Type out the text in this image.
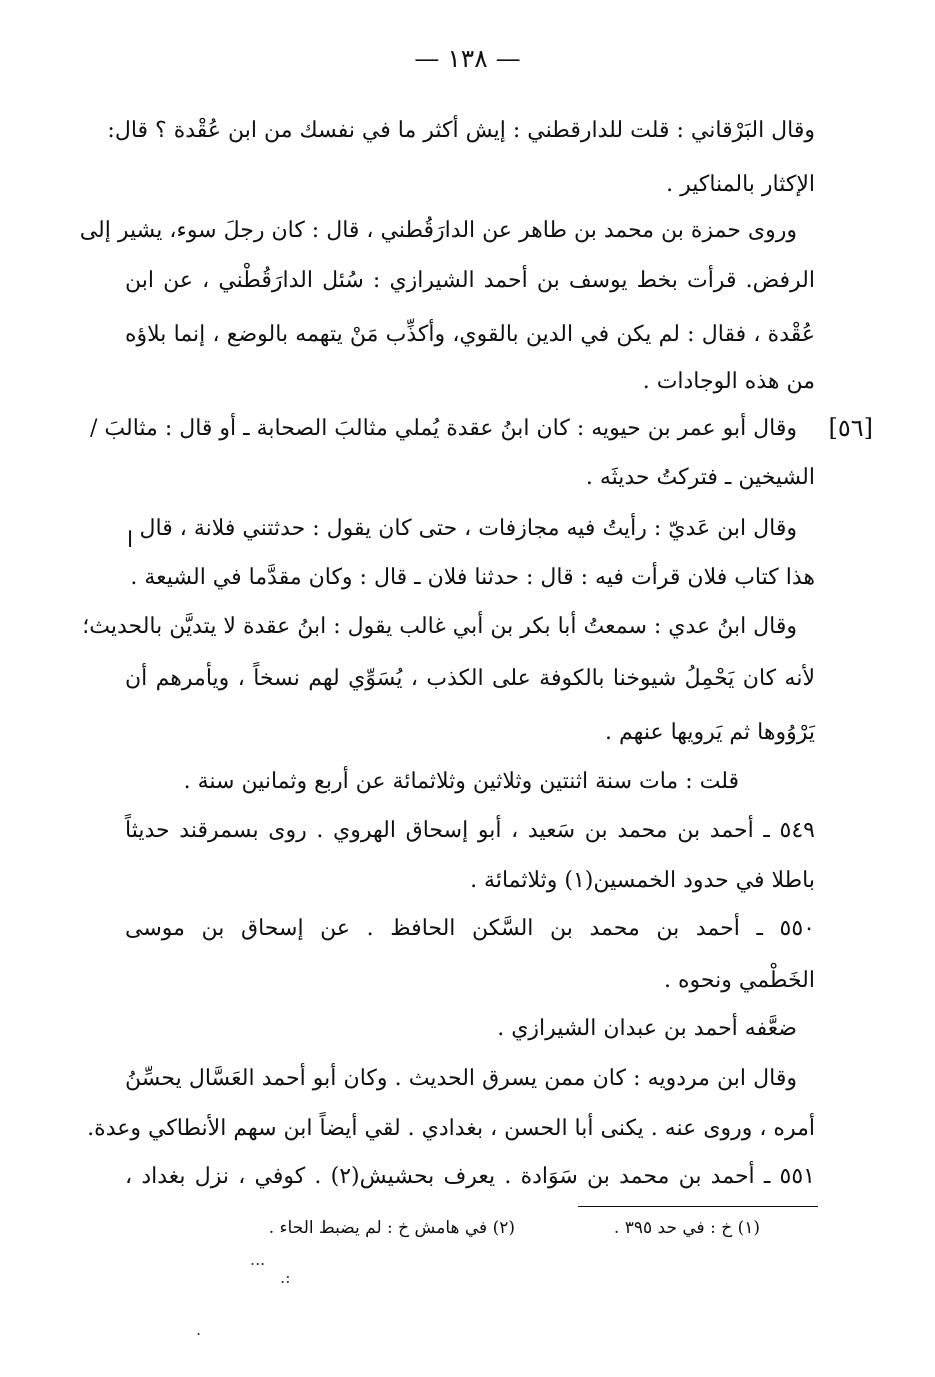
— ١٣٨ —
وقال البَرْقاني : قلت للدارقطني : إيش أكثر ما في نفسك من ابن عُقْدة ؟ قال:
الإكثار بالمناكير .
وروى حمزة بن محمد بن طاهر عن الدارَقُطني ، قال : كان رجلَ سوء، يشير إلى
الرفض. قرأت بخط يوسف بن أحمد الشيرازي : سُئل الدارَقُطْني ، عن ابن
عُقْدة ، فقال : لم يكن في الدين بالقوي، وأكذِّب مَنْ يتهمه بالوضع ، إنما بلاؤه
من هذه الوجادات .
[٥٦]
وقال أبو عمر بن حيويه : كان ابنُ عقدة يُملي مثالبَ الصحابة ـ أو قال : مثالبَ /
الشيخين ـ فتركتُ حديثَه .
ا وقال ابن عَديّ : رأيتُ فيه مجازفات ، حتى كان يقول : حدثتني فلانة ، قال
هذا كتاب فلان قرأت فيه : قال : حدثنا فلان ـ قال : وكان مقدَّما في الشيعة .
وقال ابنُ عدي : سمعتُ أبا بكر بن أبي غالب يقول : ابنُ عقدة لا يتديَّن بالحديث؛
لأنه كان يَحْمِلُ شيوخنا بالكوفة على الكذب ، يُسَوِّي لهم نسخاً ، ويأمرهم أن
يَرْوُوها ثم يَرويها عنهم .
قلت : مات سنة اثنتين وثلاثين وثلاثمائة عن أربع وثمانين سنة .
٥٤٩ ـ أحمد بن محمد بن سَعيد ، أبو إسحاق الهروي . روى بسمرقند حديثاً
باطلا في حدود الخمسين(١) وثلاثمائة .
٥٥٠ ـ أحمد بن محمد بن السَّكن الحافظ . عن إسحاق بن موسى
الخَطْمي ونحوه .
ضعَّفه أحمد بن عبدان الشيرازي .
وقال ابن مردويه : كان ممن يسرق الحديث . وكان أبو أحمد العَسَّال يحسِّنُ
أمره ، وروى عنه . يكنى أبا الحسن ، بغدادي . لقي أيضاً ابن سهم الأنطاكي وعدة.
٥٥١ ـ أحمد بن محمد بن سَوَادة . يعرف بحشيش(٢) . كوفي ، نزل بغداد ،
(١) خ : في حد ٣٩٥ .
(٢) في هامش خ : لم يضبط الحاء .
...
.:
.
